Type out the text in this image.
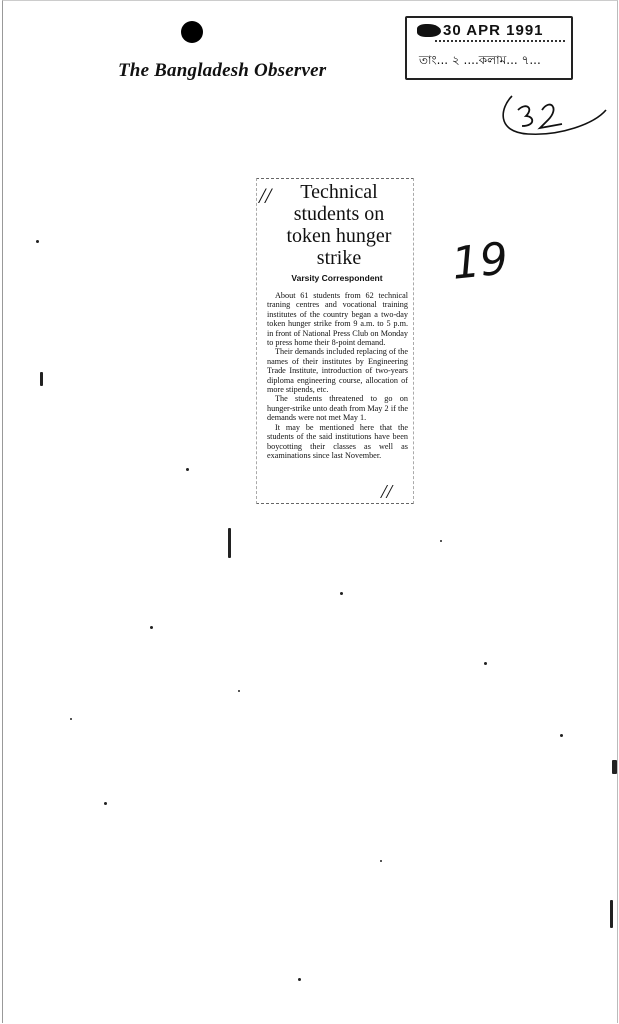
The Bangladesh Observer
30 APR 1991
তাং... ২ ....কলাম... ৭...
19
//	Technical students on token hunger strike
Varsity Correspondent

About 61 students from 62 technical traning centres and vocational training institutes of the country began a two-day token hunger strike from 9 a.m. to 5 p.m. in front of National Press Club on Monday to press home their 8-point demand.

Their demands included replacing of the names of their institutes by Engineering Trade Institute, introduction of two-years diploma engineering course, allocation of more stipends, etc.

The students threatened to go on hunger-strike unto death from May 2 if the demands were not met May 1.

It may be mentioned here that the students of the said institutions have been boycotting their classes as well as examinations since last November.

//
